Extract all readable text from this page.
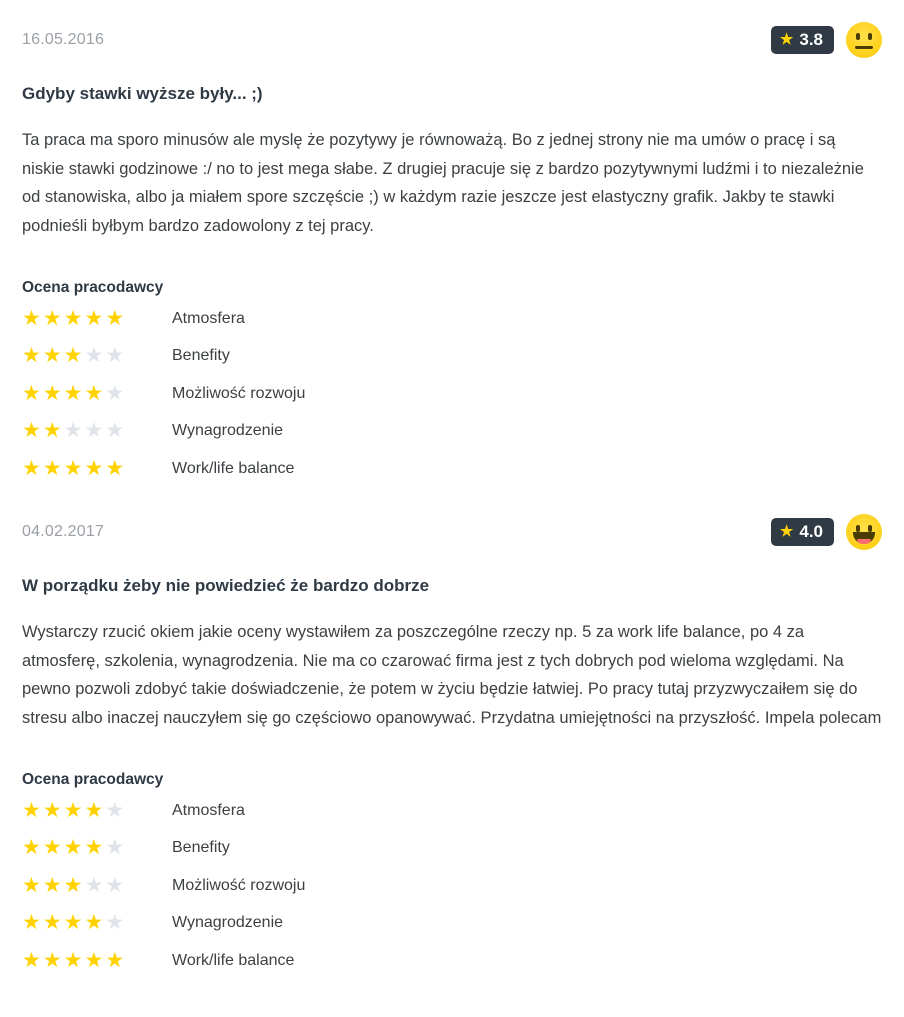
16.05.2016	★ 3.8
Gdyby stawki wyższe były... ;)
Ta praca ma sporo minusów ale myslę że pozytywy je równoważą. Bo z jednej strony nie ma umów o pracę i są niskie stawki godzinowe :/ no to jest mega słabe. Z drugiej pracuje się z bardzo pozytywnymi ludźmi i to niezależnie od stanowiska, albo ja miałem spore szczęście ;) w każdym razie jeszcze jest elastyczny grafik. Jakby te stawki podnieśli byłbym bardzo zadowolony z tej pracy.
Ocena pracodawcy
★★★★★	Atmosfera
★★★★★	Benefity
★★★★★	Możliwość rozwoju
★★★★★	Wynagrodzenie
★★★★★	Work/life balance
04.02.2017	★ 4.0
W porządku żeby nie powiedzieć że bardzo dobrze
Wystarczy rzucić okiem jakie oceny wystawiłem za poszczególne rzeczy np. 5 za work life balance, po 4 za atmosferę, szkolenia, wynagrodzenia. Nie ma co czarować firma jest z tych dobrych pod wieloma względami. Na pewno pozwoli zdobyć takie doświadczenie, że potem w życiu będzie łatwiej. Po pracy tutaj przyzwyczaiłem się do stresu albo inaczej nauczyłem się go częściowo opanowywać. Przydatna umiejętności na przyszłość. Impela polecam
Ocena pracodawcy
★★★★★	Atmosfera
★★★★★	Benefity
★★★★★	Możliwość rozwoju
★★★★★	Wynagrodzenie
★★★★★	Work/life balance
